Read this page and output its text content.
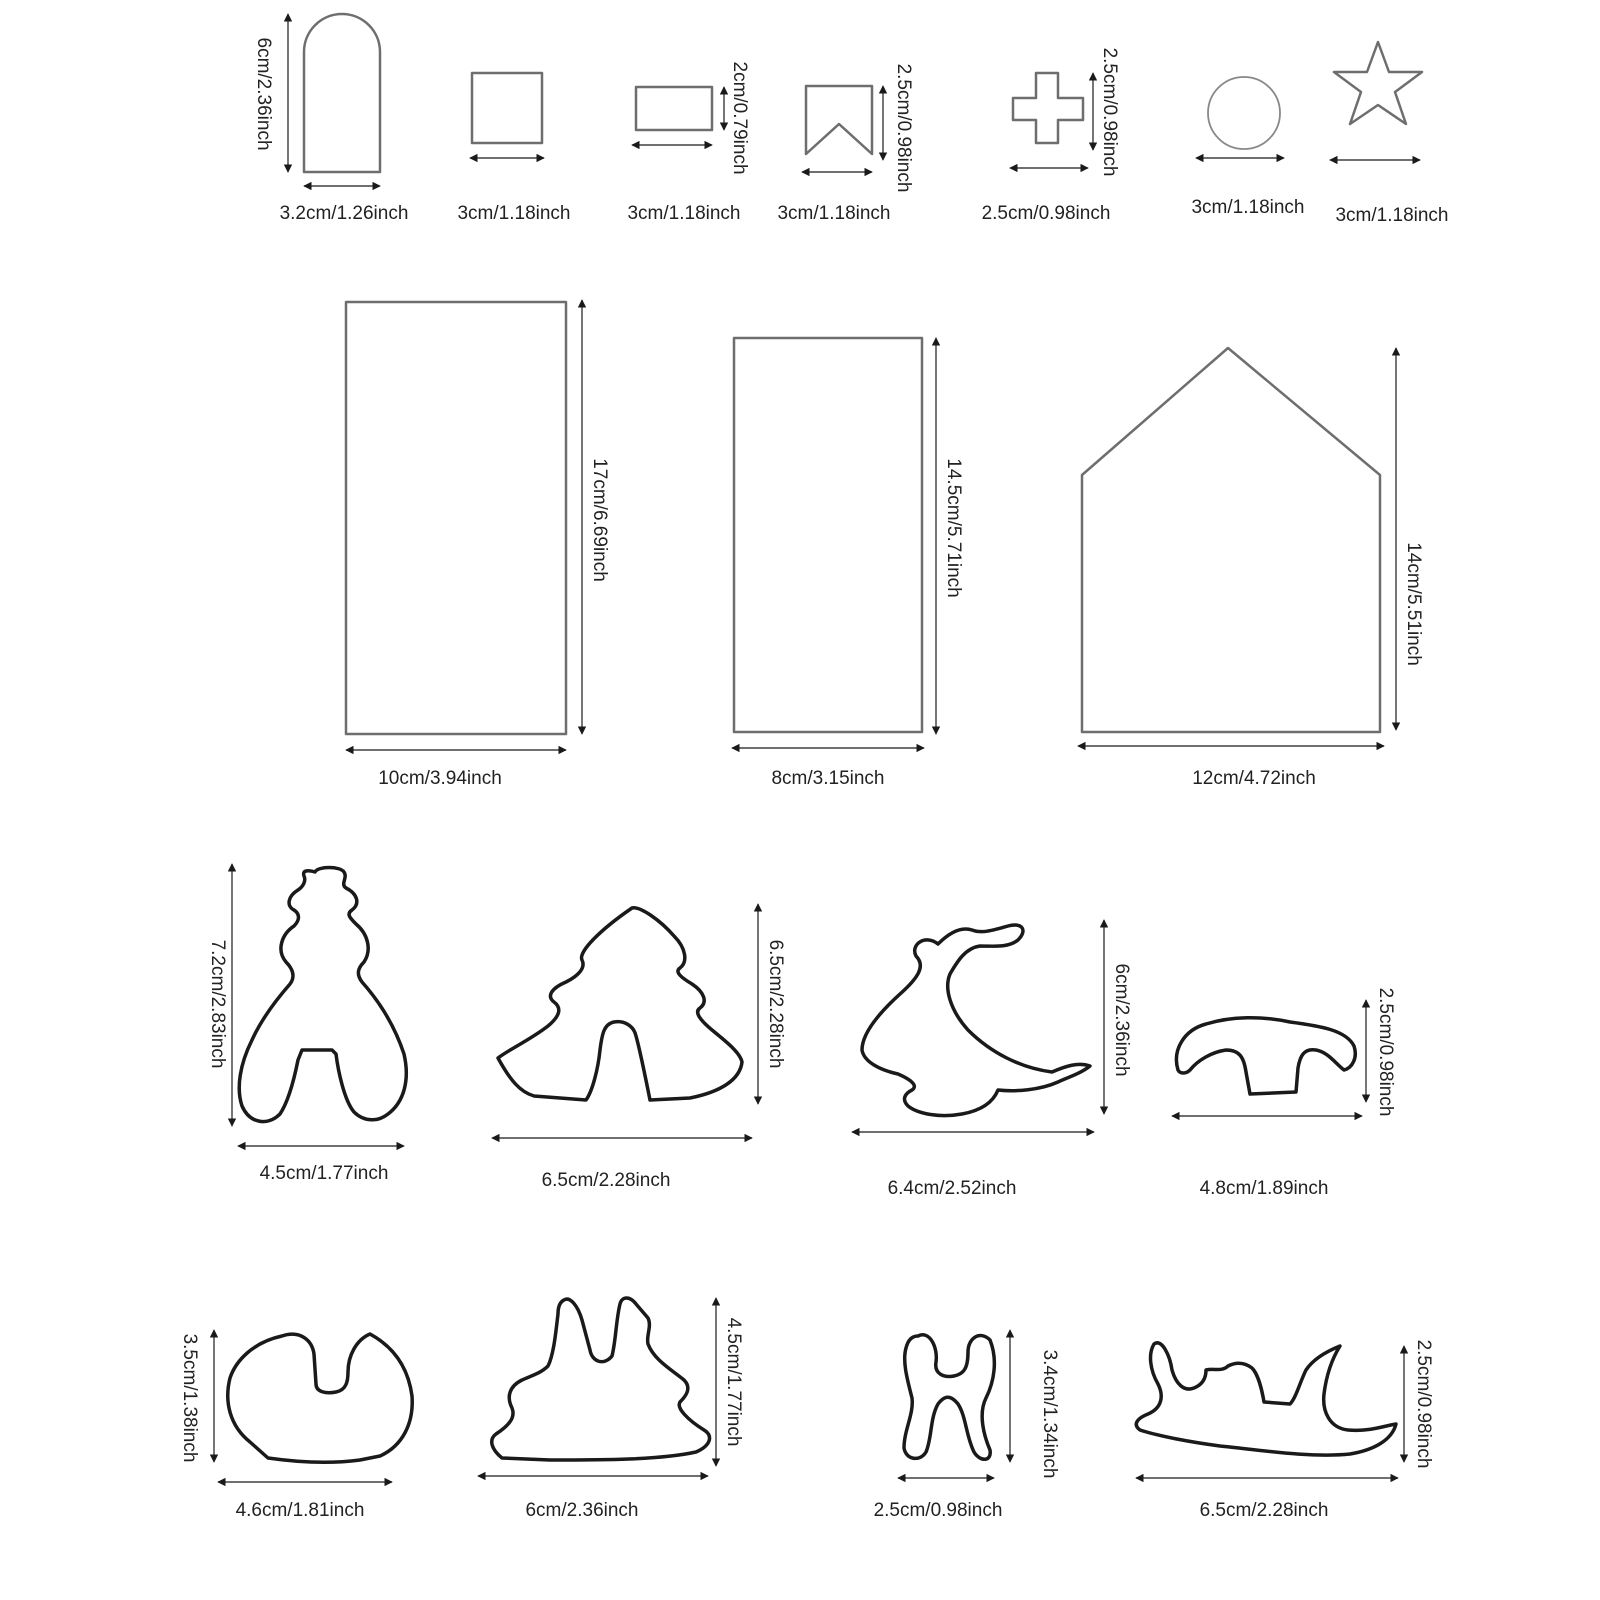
6cm/2.36inch
3.2cm/1.26inch	3cm/1.18inch
2cm/0.79inch
3cm/1.18inch
2.5cm/0.98inch
3cm/1.18inch
2.5cm/0.98inch
2.5cm/0.98inch	3cm/1.18inch 3cm/1.18inch
17cm/6.69inch
10cm/3.94inch
14.5cm/5.71inch
8cm/3.15inch
14cm/5.51inch
12cm/4.72inch
7.2cm/2.83inch
4.5cm/1.77inch
6.5cm/2.28inch
6.5cm/2.28inch
6cm/2.36inch
6.4cm/2.52inch
2.5cm/0.98inch
4.8cm/1.89inch
3.5cm/1.38inch
4.6cm/1.81inch
4.5cm/1.77inch
6cm/2.36inch
3.4cm/1.34inch
2.5cm/0.98inch
2.5cm/0.98inch
6.5cm/2.28inch
